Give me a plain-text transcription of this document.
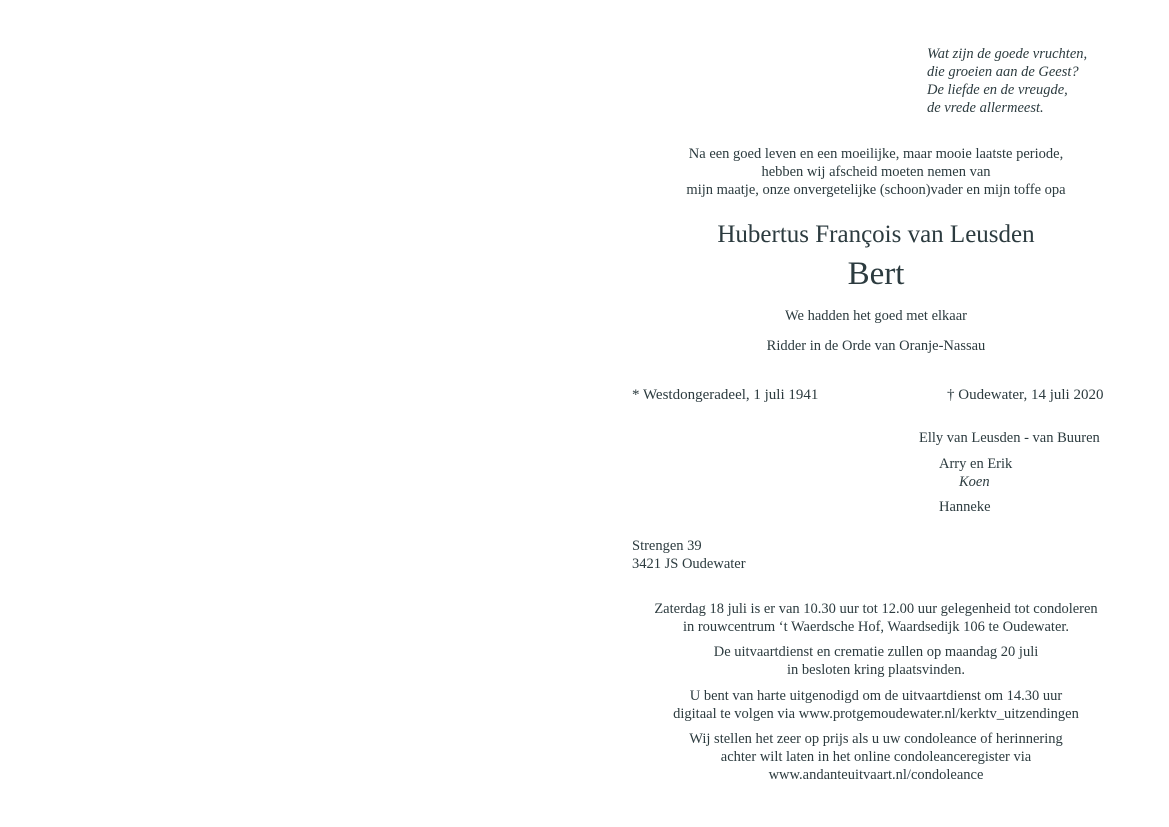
Wat zijn de goede vruchten,
die groeien aan de Geest?
De liefde en de vreugde,
de vrede allermeest.
Na een goed leven en een moeilijke, maar mooie laatste periode,
hebben wij afscheid moeten nemen van
mijn maatje, onze onvergetelijke (schoon)vader en mijn toffe opa
Hubertus François van Leusden
Bert
We hadden het goed met elkaar
Ridder in de Orde van Oranje-Nassau
* Westdongeradeel, 1 juli 1941	† Oudewater, 14 juli 2020
Elly van Leusden - van Buuren
Arry en Erik
Koen
Hanneke
Strengen 39
3421 JS Oudewater
Zaterdag 18 juli is er van 10.30 uur tot 12.00 uur gelegenheid tot condoleren
in rouwcentrum ‘t Waerdsche Hof, Waardsedijk 106 te Oudewater.
De uitvaartdienst en crematie zullen op maandag 20 juli
in besloten kring plaatsvinden.
U bent van harte uitgenodigd om de uitvaartdienst om 14.30 uur
digitaal te volgen via www.protgemoudewater.nl/kerktv_uitzendingen
Wij stellen het zeer op prijs als u uw condoleance of herinnering
achter wilt laten in het online condoleanceregister via
www.andanteuitvaart.nl/condoleance
